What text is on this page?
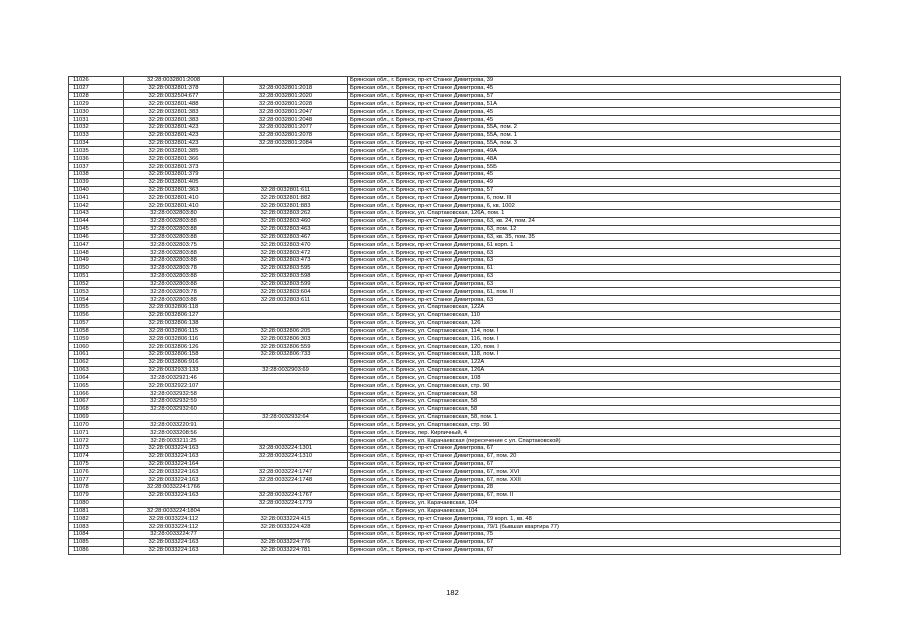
11026	32:28:0032801:2008		Брянская обл., г. Брянск, пр-кт Станке Димитрова, 39
11027	32:28:0032801:378	32:28:0032801:2018	Брянская обл., г. Брянск, пр-кт Станке Димитрова, 45
11028	32:28:0032504:677	32:28:0032801:2020	Брянская обл., г. Брянск, пр-кт Станке Димитрова, 57
11029	32:28:0032801:488	32:28:0032801:2028	Брянская обл., г. Брянск, пр-кт Станке Димитрова, 51А
11030	32:28:0032801:383	32:28:0032801:2047	Брянская обл., г. Брянск, пр-кт Станке Димитрова, 45
11031	32:28:0032801:383	32:28:0032801:2048	Брянская обл., г. Брянск, пр-кт Станке Димитрова, 45
11032	32:28:0032801:423	32:28:0032801:2077	Брянская обл., г. Брянск, пр-кт Станке Димитрова, 55А, пом. 2
11033	32:28:0032801:423	32:28:0032801:2078	Брянская обл., г. Брянск, пр-кт Станке Димитрова, 55А, пом. 1
11034	32:28:0032801:423	32:28:0032801:2084	Брянская обл., г. Брянск, пр-кт Станке Димитрова, 55А, пом. 3
11035	32:28:0032801:385		Брянская обл., г. Брянск, пр-кт Станке Димитрова, 49А
11036	32:28:0032801:366		Брянская обл., г. Брянск, пр-кт Станке Димитрова, 48А
11037	32:28:0032801:373		Брянская обл., г. Брянск, пр-кт Станке Димитрова, 55Б
11038	32:28:0032801:379		Брянская обл., г. Брянск, пр-кт Станке Димитрова, 45
11039	32:28:0032801:405		Брянская обл., г. Брянск, пр-кт Станке Димитрова, 49
11040	32:28:0032801:363	32:28:0032801:611	Брянская обл., г. Брянск, пр-кт Станке Димитрова, 57
11041	32:28:0032801:410	32:28:0032801:882	Брянская обл., г. Брянск, пр-кт Станке Димитрова, 6, пом. III
11042	32:28:0032801:410	32:28:0032801:883	Брянская обл., г. Брянск, пр-кт Станке Димитрова, 6, кв. 1002
11043	32:28:0032803:80	32:28:0032803:262	Брянская обл., г. Брянск, ул. Спартаковская, 126А, пом. 1
11044	32:28:0032803:88	32:28:0032803:460	Брянская обл., г. Брянск, пр-кт Станке Димитрова, 63, кв. 24, пом. 24
11045	32:28:0032803:88	32:28:0032803:463	Брянская обл., г. Брянск, пр-кт Станке Димитрова, 63, пом. 12
11046	32:28:0032803:88	32:28:0032803:467	Брянская обл., г. Брянск, пр-кт Станке Димитрова, 63, кв. 35, пом. 35
11047	32:28:0032803:75	32:28:0032803:470	Брянская обл., г. Брянск, пр-кт Станке Димитрова, 61 корп. 1
11048	32:28:0032803:88	32:28:0032803:472	Брянская обл., г. Брянск, пр-кт Станке Димитрова, 63
11049	32:28:0032803:88	32:28:0032803:473	Брянская обл., г. Брянск, пр-кт Станке Димитрова, 63
11050	32:28:0032803:78	32:28:0032803:595	Брянская обл., г. Брянск, пр-кт Станке Димитрова, 61
11051	32:28:0032803:88	32:28:0032803:598	Брянская обл., г. Брянск, пр-кт Станке Димитрова, 63
11052	32:28:0032803:88	32:28:0032803:599	Брянская обл., г. Брянск, пр-кт Станке Димитрова, 63
11053	32:28:0032803:78	32:28:0032803:604	Брянская обл., г. Брянск, пр-кт Станке Димитрова, 61, пом. II
11054	32:28:0032803:88	32:28:0032803:611	Брянская обл., г. Брянск, пр-кт Станке Димитрова, 63
11055	32:28:0032806:118		Брянская обл., г. Брянск, ул. Спартаковская, 122А
11056	32:28:0032806:127		Брянская обл., г. Брянск, ул. Спартаковская, 110
11057	32:28:0032806:138		Брянская обл., г. Брянск, ул. Спартаковская, 126
11058	32:28:0032806:115	32:28:0032806:205	Брянская обл., г. Брянск, ул. Спартаковская, 114, пом. I
11059	32:28:0032806:116	32:28:0032806:303	Брянская обл., г. Брянск, ул. Спартаковская, 116, пом. I
11060	32:28:0032806:126	32:28:0032806:559	Брянская обл., г. Брянск, ул. Спартаковская, 120, пом. I
11061	32:28:0032806:158	32:28:0032806:733	Брянская обл., г. Брянск, ул. Спартаковская, 118, пом. I
11062	32:28:0032806:916		Брянская обл., г. Брянск, ул. Спартаковская, 122А
11063	32:28:0032933:133	32:28:0032903:69	Брянская обл., г. Брянск, ул. Спартаковская, 126А
11064	32:28:0032921:46		Брянская обл., г. Брянск, ул. Спартаковская, 108
11065	32:28:0032922:107		Брянская обл., г. Брянск, ул. Спартаковская, стр. 90
11066	32:28:0032932:58		Брянская обл., г. Брянск, ул. Спартаковская, 58
11067	32:28:0032932:59		Брянская обл., г. Брянск, ул. Спартаковская, 58
11068	32:28:0032932:60		Брянская обл., г. Брянск, ул. Спартаковская, 58
11069		32:28:0032932:64	Брянская обл., г. Брянск, ул. Спартаковская, 58, пом. 1
11070	32:28:0033220:91		Брянская обл., г. Брянск, ул. Спартаковская, стр. 90
11071	32:28:0033208:56		Брянская обл., г. Брянск, пер. Кирпичный, 4
11072	32:28:0033211:25		Брянская обл., г. Брянск, ул. Карачаевская (пересечение с ул. Спартаковской)
11073	32:28:0033224:163	32:28:0033224:1301	Брянская обл., г. Брянск, пр-кт Станке Димитрова, 67
11074	32:28:0033224:163	32:28:0033224:1310	Брянская обл., г. Брянск, пр-кт Станке Димитрова, 67, пом. 20
11075	32:28:0033224:164		Брянская обл., г. Брянск, пр-кт Станке Димитрова, 67
11076	32:28:0033224:163	32:28:0033224:1747	Брянская обл., г. Брянск, пр-кт Станке Димитрова, 67, пом. XVI
11077	32:28:0033224:163	32:28:0033224:1748	Брянская обл., г. Брянск, пр-кт Станке Димитрова, 67, пом. XXII
11078	32:28:0033224:1766		Брянская обл., г. Брянск, пр-кт Станке Димитрова, 28
11079	32:28:0033224:163	32:28:0033224:1767	Брянская обл., г. Брянск, пр-кт Станке Димитрова, 67, пом. II
11080		32:28:0033224:1779	Брянская обл., г. Брянск, ул. Карачаевская, 104
11081	32:28:0033224:1804		Брянская обл., г. Брянск, ул. Карачаевская, 104
11082	32:28:0033224:112	32:28:0033224:415	Брянская обл., г. Брянск, пр-кт Станке Димитрова, 79 корп. 1, кв. 48
11083	32:28:0033224:112	32:28:0033224:428	Брянская обл., г. Брянск, пр-кт Станке Димитрова, 79/1 (бывшая квартира 77)
11084	32:28:0033224:77		Брянская обл., г. Брянск, пр-кт Станке Димитрова, 75
11085	32:28:0033224:163	32:28:0033224:776	Брянская обл., г. Брянск, пр-кт Станке Димитрова, 67
11086	32:28:0033224:163	32:28:0033224:781	Брянская обл., г. Брянск, пр-кт Станке Димитрова, 67
182
